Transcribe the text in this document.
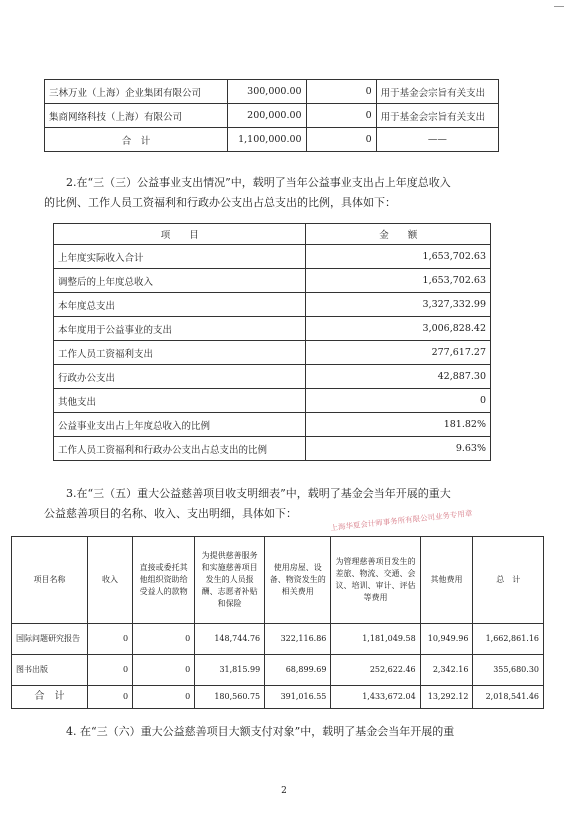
三林万业（上海）企业集团有限公司	300,000.00	0	用于基金会宗旨有关支出
集商网络科技（上海）有限公司	200,000.00	0	用于基金会宗旨有关支出
合　计	1,100,000.00	0	——
2.在“三（三）公益事业支出情况”中，载明了当年公益事业支出占上年度总收入
的比例、工作人员工资福利和行政办公支出占总支出的比例，具体如下：
项　　目	金　　额
上年度实际收入合计	1,653,702.63
调整后的上年度总收入	1,653,702.63
本年度总支出	3,327,332.99
本年度用于公益事业的支出	3,006,828.42
工作人员工资福利支出	277,617.27
行政办公支出	42,887.30
其他支出	0
公益事业支出占上年度总收入的比例	181.82%
工作人员工资福利和行政办公支出占总支出的比例	9.63%
3.在“三（五）重大公益慈善项目收支明细表”中，载明了基金会当年开展的重大
公益慈善项目的名称、收入、支出明细，具体如下：	上海华夏会计师事务所有限公司业务专用章
项目名称	收入	直接或委托其他组织资助给受益人的款物	为提供慈善服务和实施慈善项目发生的人员报酬、志愿者补贴和保险	使用房屋、设备、物资发生的相关费用	为管理慈善项目发生的差旅、物流、交通、会议、培训、审计、评估等费用	其他费用	总　计
国际问题研究报告	0	0	148,744.76	322,116.86	1,181,049.58	10,949.96	1,662,861.16
图书出版	0	0	31,815.99	68,899.69	252,622.46	2,342.16	355,680.30
合　计	0	0	180,560.75	391,016.55	1,433,672.04	13,292.12	2,018,541.46
4. 在“三（六）重大公益慈善项目大额支付对象”中，载明了基金会当年开展的重
2
